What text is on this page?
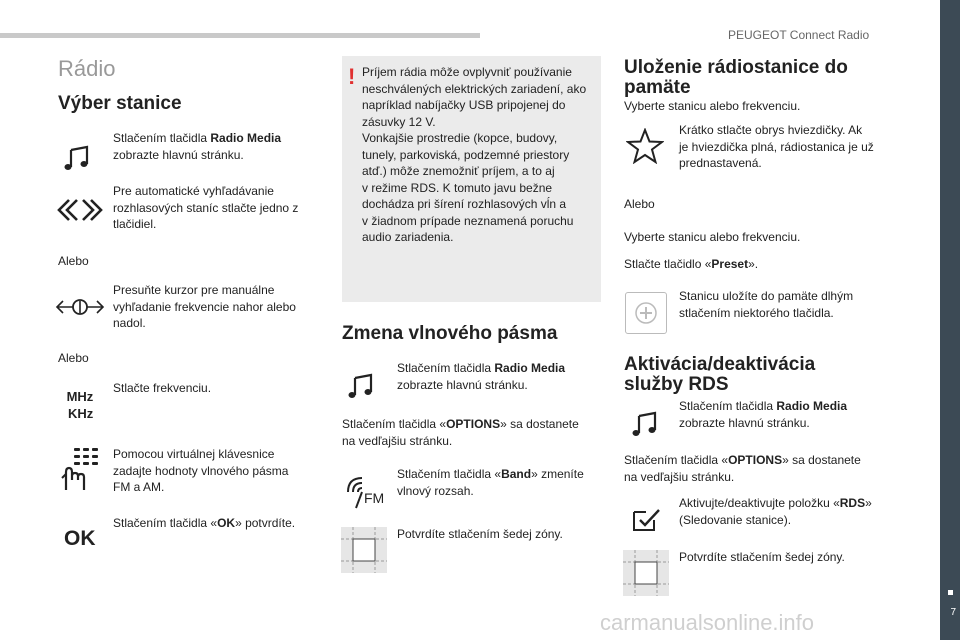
PEUGEOT Connect Radio
7
Rádio
Výber stanice
Stlačením tlačidla Radio Media
zobrazte hlavnú stránku.
Pre automatické vyhľadávanie
rozhlasových staníc stlačte jedno z
tlačidiel.
Alebo
Presuňte kurzor pre manuálne
vyhľadanie frekvencie nahor alebo
nadol.
Alebo
MHz
KHz
Stlačte frekvenciu.
Pomocou virtuálnej klávesnice
zadajte hodnoty vlnového pásma
FM a AM.
OK
Stlačením tlačidla «OK» potvrdíte.
! Príjem rádia môže ovplyvniť používanie
neschválených elektrických zariadení, ako
napríklad nabíjačky USB pripojenej do
zásuvky 12 V.
Vonkajšie prostredie (kopce, budovy,
tunely, parkoviská, podzemné priestory
atď.) môže znemožniť príjem, a to aj
v režime RDS. K tomuto javu bežne
dochádza pri šírení rozhlasových vĺn a
v žiadnom prípade neznamená poruchu
audio zariadenia.
Zmena vlnového pásma
Stlačením tlačidla Radio Media
zobrazte hlavnú stránku.
Stlačením tlačidla «OPTIONS» sa dostanete
na vedľajšiu stránku.
FM
Stlačením tlačidla «Band» zmeníte
vlnový rozsah.
Potvrdíte stlačením šedej zóny.
Uloženie rádiostanice do
pamäte
Vyberte stanicu alebo frekvenciu.
Krátko stlačte obrys hviezdičky. Ak
je hviezdička plná, rádiostanica je už
prednastavená.
Alebo
Vyberte stanicu alebo frekvenciu.
Stlačte tlačidlo «Preset».
Stanicu uložíte do pamäte dlhým
stlačením niektorého tlačidla.
Aktivácia/deaktivácia
služby RDS
Stlačením tlačidla Radio Media
zobrazte hlavnú stránku.
Stlačením tlačidla «OPTIONS» sa dostanete
na vedľajšiu stránku.
Aktivujte/deaktivujte položku «RDS»
(Sledovanie stanice).
Potvrdíte stlačením šedej zóny.
carmanualsonline.info
